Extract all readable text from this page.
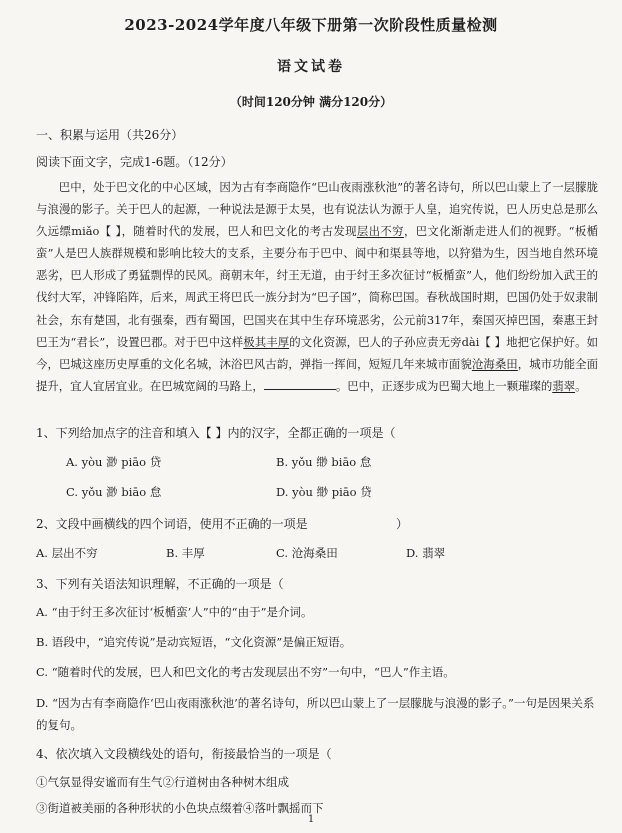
2023-2024学年度八年级下册第一次阶段性质量检测
语文试卷
（时间120分钟 满分120分）
一、积累与运用（共26分）
阅读下面文字，完成1-6题。（12分）
巴中，处于巴文化的中心区域，因为古有李商隐作“巴山夜雨涨秋池”的著名诗句，所以巴山蒙上了一层朦胧与浪漫的影子。关于巴人的起源，一种说法是源于太昊，也有说法认为源于人皇，追究传说，巴人历史总是那么久远缥miǎo【 】，随着时代的发展，巴人和巴文化的考古发现层出不穷，巴文化渐渐走进人们的视野。“板楯蛮”人是巴人族群规模和影响比较大的支系，主要分布于巴中、阆中和渠县等地，以狩猎为生，因当地自然环境恶劣，巴人形成了勇猛剽悍的民风。商朝末年，纣王无道，由于纣王多次征讨“板楯蛮”人，他们纷纷加入武王的伐纣大军，冲锋陷阵，后来，周武王将巴氏一族分封为“巴子国”，简称巴国。春秋战国时期，巴国仍处于奴隶制社会，东有楚国，北有强秦，西有蜀国，巴国夹在其中生存环境恶劣，公元前317年，秦国灭掉巴国，秦惠王封巴王为“君长”，设置巴郡。对于巴中这样极其丰厚的文化资源，巴人的子孙应责无旁dài【 】地把它保护好。如今，巴城这座历史厚重的文化名城，沐浴巴风古韵，弹指一挥间，短短几年来城市面貌沧海桑田，城市功能全面提升，宜人宜居宜业。在巴城宽阔的马路上，	。巴中，正逐步成为巴蜀大地上一颗璀璨的翡翠。
1、下列给加点字的注音和填入【 】内的汉字，全都正确的一项是（
A. yòu 渺 piāo 贷	B. yǒu 缈 biāo 怠
C. yǒu 渺 biāo 怠	D. yòu 缈 piāo 贷
2、文段中画横线的四个词语，使用不正确的一项是	）
A. 层出不穷	B. 丰厚	C. 沧海桑田	D. 翡翠
3、下列有关语法知识理解，不正确的一项是（
A. “由于纣王多次征讨‘板楯蛮’人”中的“由于”是介词。
B. 语段中，“追究传说”是动宾短语，“文化资源”是偏正短语。
C. “随着时代的发展，巴人和巴文化的考古发现层出不穷”一句中，“巴人”作主语。
D. “因为古有李商隐作‘巴山夜雨涨秋池’的著名诗句，所以巴山蒙上了一层朦胧与浪漫的影子。”一句是因果关系的复句。
4、依次填入文段横线处的语句，衔接最恰当的一项是（
①气氛显得安谧而有生气②行道树由各种树木组成
③街道被美丽的各种形状的小色块点缀着④落叶飘摇而下
1
